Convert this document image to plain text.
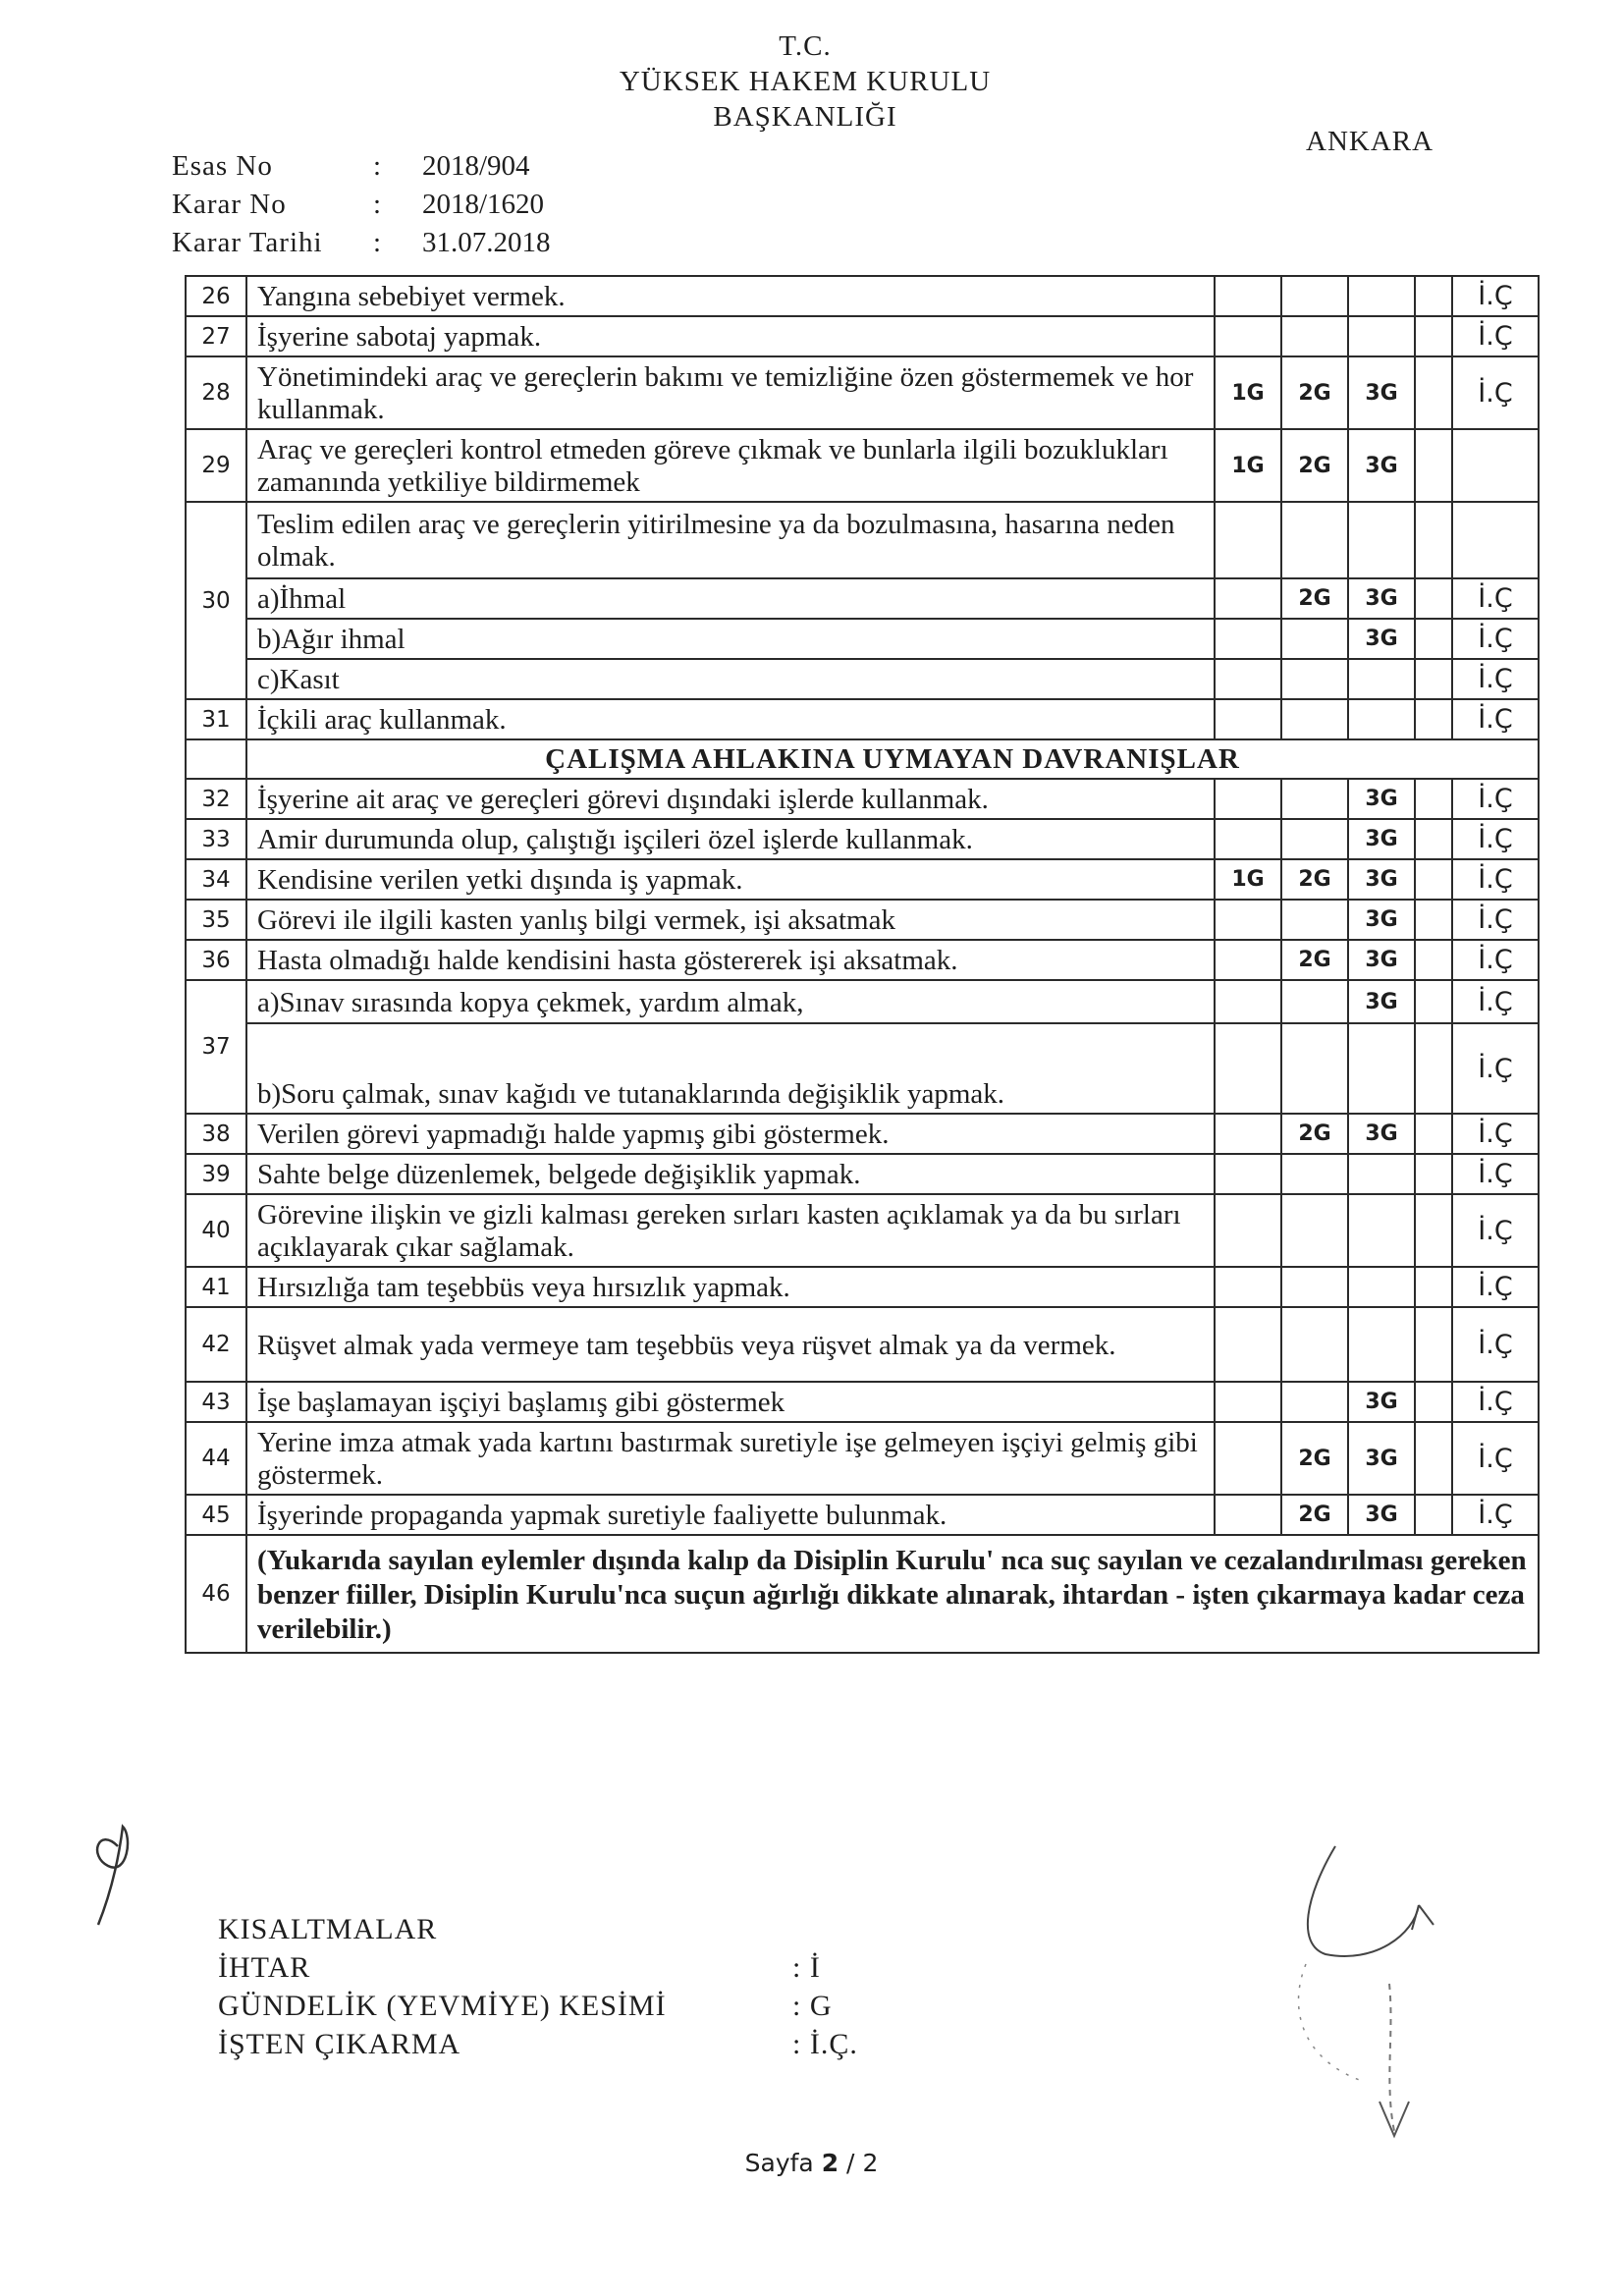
T.C.
YÜKSEK HAKEM KURULU
BAŞKANLIĞI
ANKARA
Esas No	:	2018/904
Karar No	:	2018/1620
Karar Tarihi	:	31.07.2018
26	Yangına sebebiyet vermek.					İ.Ç
27	İşyerine sabotaj yapmak.					İ.Ç
28	Yönetimindeki araç ve gereçlerin bakımı ve temizliğine özen göstermemek ve hor kullanmak.	1G	2G	3G		İ.Ç
29	Araç ve gereçleri kontrol etmeden göreve çıkmak ve bunlarla ilgili bozuklukları zamanında yetkiliye bildirmemek	1G	2G	3G		
30	Teslim edilen araç ve gereçlerin yitirilmesine ya da bozulmasına, hasarına neden olmak.					
	a)İhmal		2G	3G		İ.Ç
	b)Ağır ihmal			3G		İ.Ç
	c)Kasıt					İ.Ç
31	İçkili araç kullanmak.					İ.Ç
	ÇALIŞMA AHLAKINA UYMAYAN DAVRANIŞLAR					
32	İşyerine ait araç ve gereçleri görevi dışındaki işlerde kullanmak.			3G		İ.Ç
33	Amir durumunda olup, çalıştığı işçileri özel işlerde kullanmak.			3G		İ.Ç
34	Kendisine verilen yetki dışında iş yapmak.	1G	2G	3G		İ.Ç
35	Görevi ile ilgili kasten yanlış bilgi vermek, işi aksatmak			3G		İ.Ç
36	Hasta olmadığı halde kendisini hasta göstererek işi aksatmak.		2G	3G		İ.Ç
37	a)Sınav sırasında kopya çekmek, yardım almak,			3G		İ.Ç
	b)Soru çalmak, sınav kağıdı ve tutanaklarında değişiklik yapmak.					İ.Ç
38	Verilen görevi yapmadığı halde yapmış gibi göstermek.		2G	3G		İ.Ç
39	Sahte belge düzenlemek, belgede değişiklik yapmak.					İ.Ç
40	Görevine ilişkin ve gizli kalması gereken sırları kasten açıklamak ya da bu sırları açıklayarak çıkar sağlamak.					İ.Ç
41	Hırsızlığa tam teşebbüs veya hırsızlık yapmak.					İ.Ç
42	Rüşvet almak yada vermeye tam teşebbüs veya rüşvet almak ya da vermek.					İ.Ç
43	İşe başlamayan işçiyi başlamış gibi göstermek			3G		İ.Ç
44	Yerine imza atmak yada kartını bastırmak suretiyle işe gelmeyen işçiyi gelmiş gibi göstermek.		2G	3G		İ.Ç
45	İşyerinde propaganda yapmak suretiyle faaliyette bulunmak.		2G	3G		İ.Ç
46	(Yukarıda sayılan eylemler dışında kalıp da Disiplin Kurulu' nca suç sayılan ve cezalandırılması gereken benzer fiiller, Disiplin Kurulu'nca suçun ağırlığı dikkate alınarak, ihtardan - işten çıkarmaya kadar ceza verilebilir.)					
KISALTMALAR
İHTAR	: İ
GÜNDELİK (YEVMİYE) KESİMİ	: G
İŞTEN ÇIKARMA	: İ.Ç.
Sayfa 2 / 2
